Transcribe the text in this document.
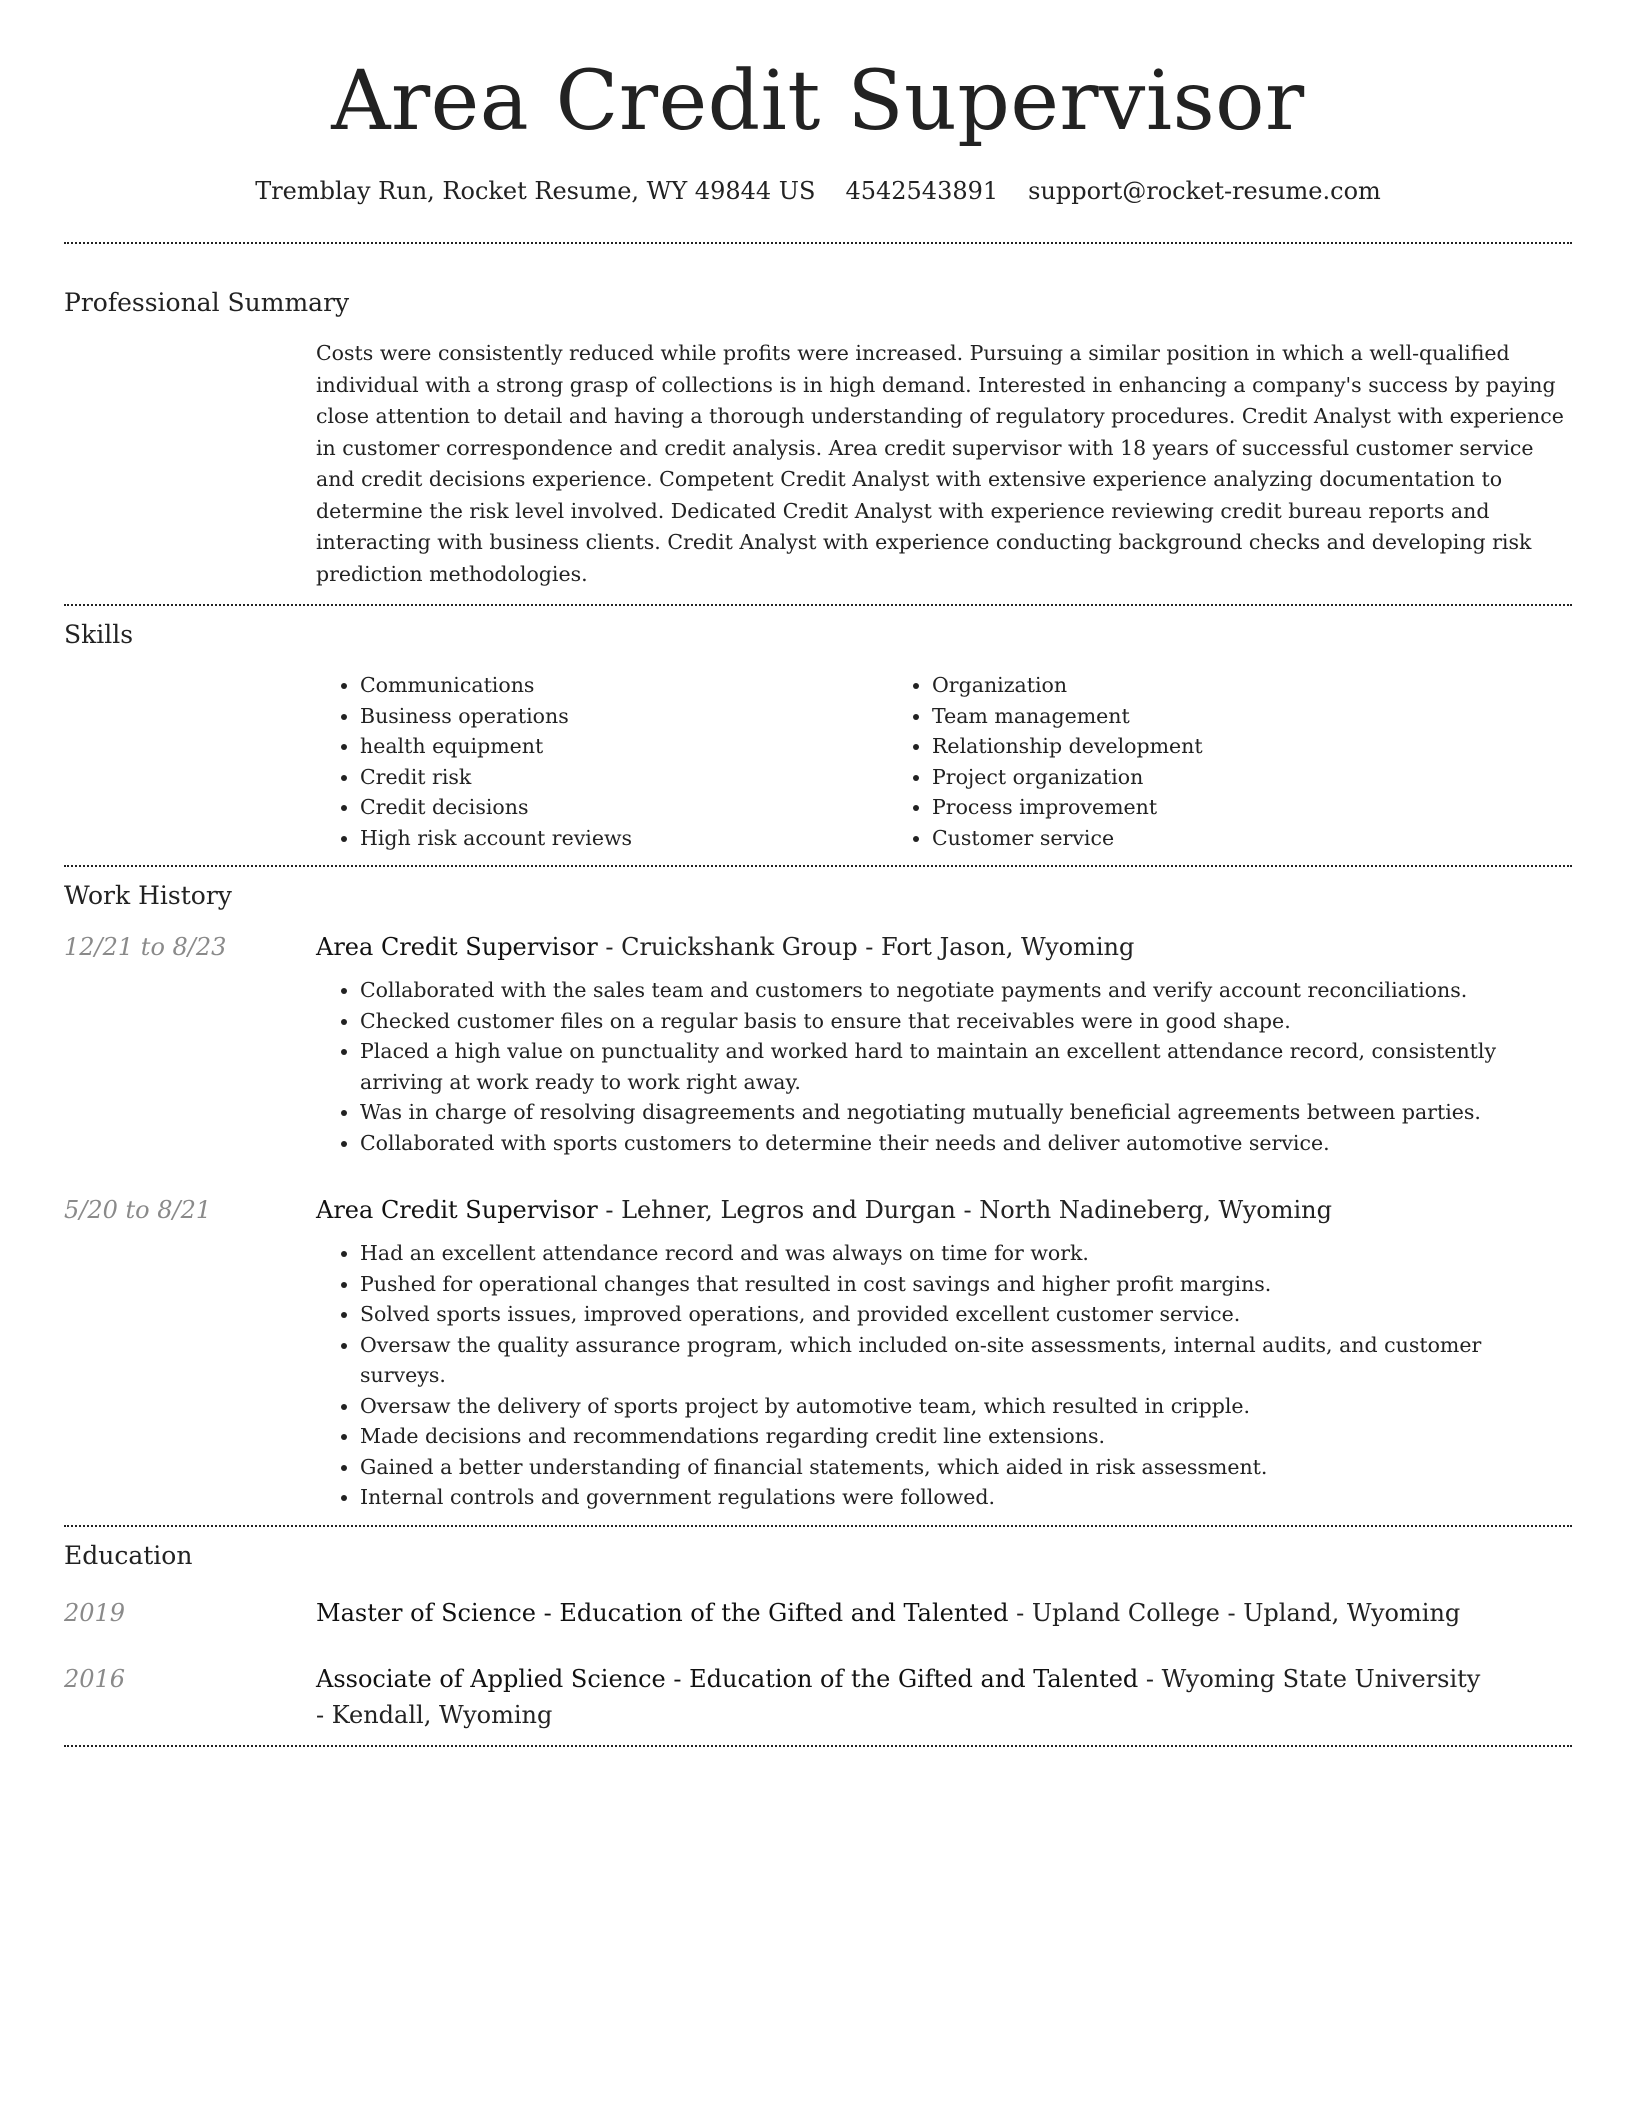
Area Credit Supervisor
Tremblay Run, Rocket Resume, WY 49844 US 4542543891 support@rocket-resume.com
Professional Summary
Costs were consistently reduced while profits were increased. Pursuing a similar position in which a well-qualified individual with a strong grasp of collections is in high demand. Interested in enhancing a company's success by paying close attention to detail and having a thorough understanding of regulatory procedures. Credit Analyst with experience in customer correspondence and credit analysis. Area credit supervisor with 18 years of successful customer service and credit decisions experience. Competent Credit Analyst with extensive experience analyzing documentation to determine the risk level involved. Dedicated Credit Analyst with experience reviewing credit bureau reports and interacting with business clients. Credit Analyst with experience conducting background checks and developing risk prediction methodologies.
Skills
• Communications
• Business operations
• health equipment
• Credit risk
• Credit decisions
• High risk account reviews
• Organization
• Team management
• Relationship development
• Project organization
• Process improvement
• Customer service
Work History
12/21 to 8/23	Area Credit Supervisor - Cruickshank Group - Fort Jason, Wyoming
• Collaborated with the sales team and customers to negotiate payments and verify account reconciliations.
• Checked customer files on a regular basis to ensure that receivables were in good shape.
• Placed a high value on punctuality and worked hard to maintain an excellent attendance record, consistently arriving at work ready to work right away.
• Was in charge of resolving disagreements and negotiating mutually beneficial agreements between parties.
• Collaborated with sports customers to determine their needs and deliver automotive service.
5/20 to 8/21	Area Credit Supervisor - Lehner, Legros and Durgan - North Nadineberg, Wyoming
• Had an excellent attendance record and was always on time for work.
• Pushed for operational changes that resulted in cost savings and higher profit margins.
• Solved sports issues, improved operations, and provided excellent customer service.
• Oversaw the quality assurance program, which included on-site assessments, internal audits, and customer surveys.
• Oversaw the delivery of sports project by automotive team, which resulted in cripple.
• Made decisions and recommendations regarding credit line extensions.
• Gained a better understanding of financial statements, which aided in risk assessment.
• Internal controls and government regulations were followed.
Education
2019	Master of Science - Education of the Gifted and Talented - Upland College - Upland, Wyoming
2016	Associate of Applied Science - Education of the Gifted and Talented - Wyoming State University - Kendall, Wyoming
